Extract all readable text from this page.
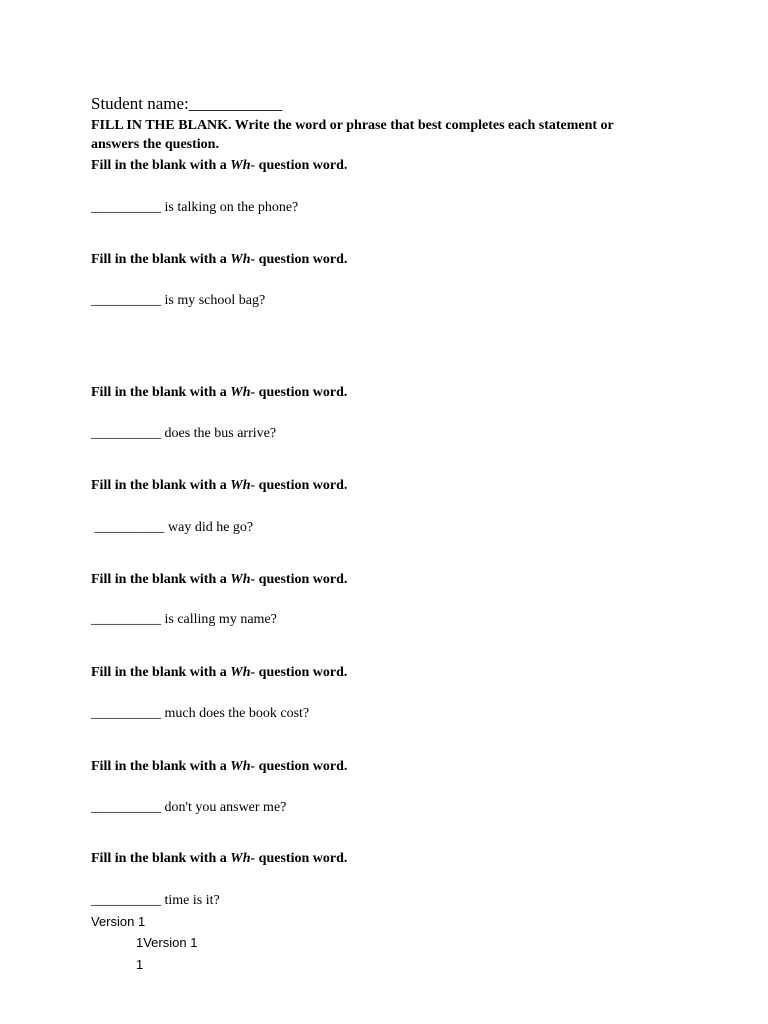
Student name:___________
FILL IN THE BLANK. Write the word or phrase that best completes each statement or
answers the question.
Fill in the blank with a Wh- question word.
__________ is talking on the phone?
Fill in the blank with a Wh- question word.
__________ is my school bag?
Fill in the blank with a Wh- question word.
__________ does the bus arrive?
Fill in the blank with a Wh- question word.
__________ way did he go?
Fill in the blank with a Wh- question word.
__________ is calling my name?
Fill in the blank with a Wh- question word.
__________ much does the book cost?
Fill in the blank with a Wh- question word.
__________ don't you answer me?
Fill in the blank with a Wh- question word.
__________ time is it?
Version 1
1Version 1
1
